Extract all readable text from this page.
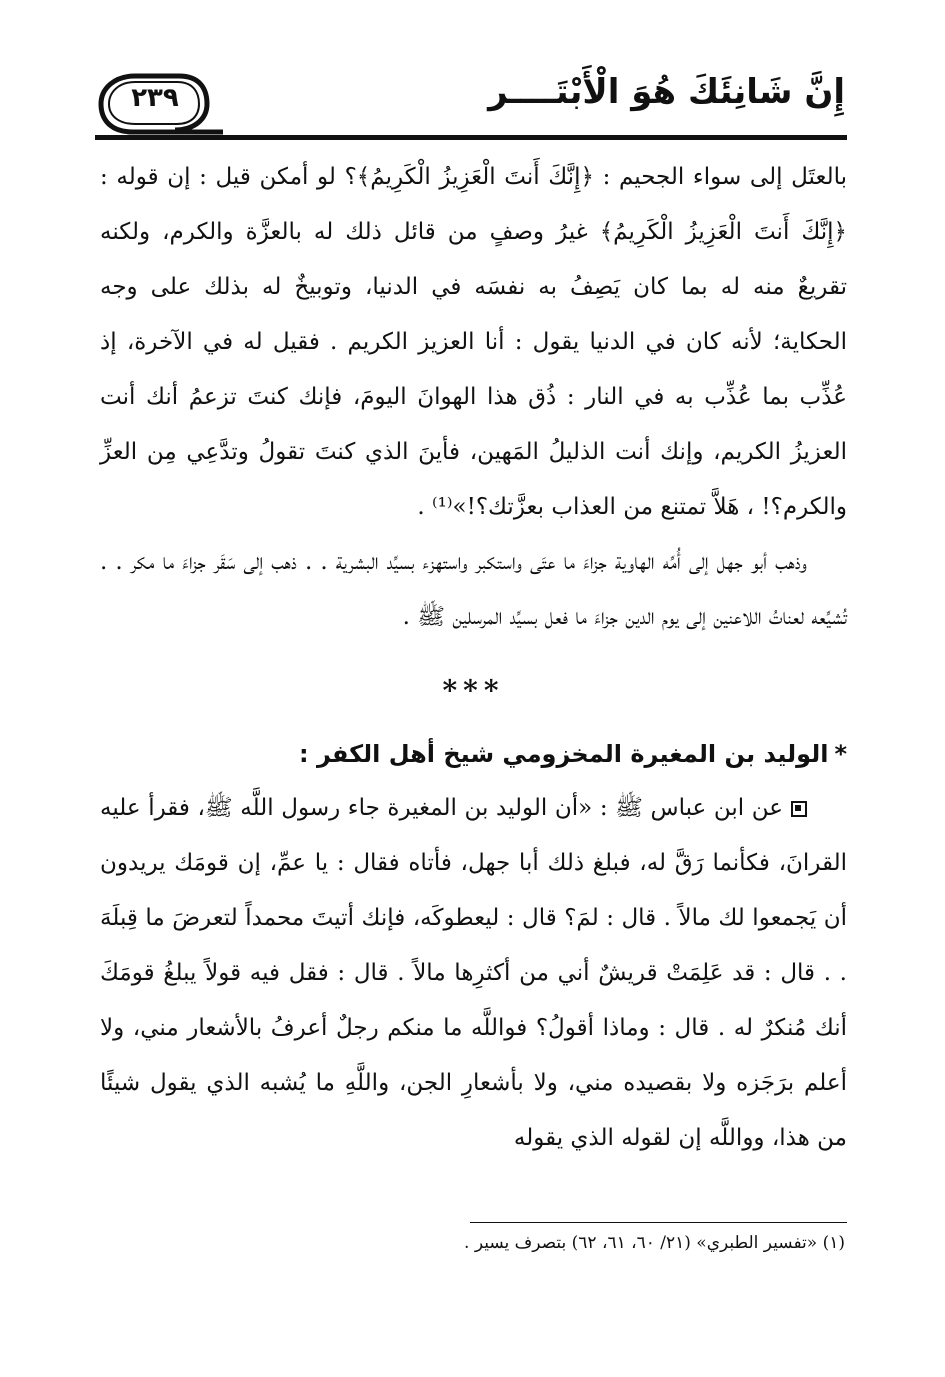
إِنَّ شَانِئَكَ هُوَ الْأَبْتَــــر
٢٣٩

بالعتَل إلى سواء الجحيم : ﴿إِنَّكَ أَنتَ الْعَزِيزُ الْكَرِيمُ﴾؟ لو أمكن قيل : إن قوله : ﴿إِنَّكَ أَنتَ الْعَزِيزُ الْكَرِيمُ﴾ غيرُ وصفٍ من قائل ذلك له بالعزَّة والكرم، ولكنه تقريعٌ منه له بما كان يَصِفُ به نفسَه في الدنيا، وتوبيخٌ له بذلك على وجه الحكاية؛ لأنه كان في الدنيا يقول : أنا العزيز الكريم . فقيل له في الآخرة، إذ عُذِّب بما عُذِّب به في النار : ذُق هذا الهوانَ اليومَ، فإنك كنتَ تزعمُ أنك أنت العزيزُ الكريم، وإنك أنت الذليلُ المَهين، فأينَ الذي كنتَ تقولُ وتدَّعِي مِن العزِّ والكرم؟! ، هَلاَّ تمتنع من العذاب بعزَّتك؟!»⁽¹⁾ .

وذهب أبو جهل إلى أُمِّه الهاوية جزاءَ ما عتَى واستكبر واستهزء بسيِّد البشرية . . ذهب إلى سَقَر جزاءَ ما مكر . . تُشيِّعه لعناتُ اللاعنين إلى يوم الدين جزاءَ ما فعل بسيِّد المرسلين ﷺ .

***

*الوليد بن المغيرة المخزومي شيخ أهل الكفر :

عن ابن عباس ﷺ : «أن الوليد بن المغيرة جاء رسول اللَّه ﷺ، فقرأ عليه القرانَ، فكأنما رَقَّ له، فبلغ ذلك أبا جهل، فأتاه فقال : يا عمِّ، إن قومَك يريدون أن يَجمعوا لك مالاً . قال : لمَ؟ قال : ليعطوكَه، فإنك أتيتَ محمداً لتعرضَ ما قِبلَهَ . . قال : قد عَلِمَتْ قريشٌ أني من أكثرِها مالاً . قال : فقل فيه قولاً يبلغُ قومَكَ أنك مُنكرٌ له . قال : وماذا أقولُ؟ فواللَّه ما منكم رجلٌ أعرفُ بالأشعار مني، ولا أعلم برَجَزه ولا بقصيده مني، ولا بأشعارِ الجن، واللَّهِ ما يُشبه الذي يقول شيئًا من هذا، وواللَّه إن لقوله الذي يقوله

(١) «تفسير الطبري» (٢١/ ٦٠، ٦١، ٦٢) بتصرف يسير .
